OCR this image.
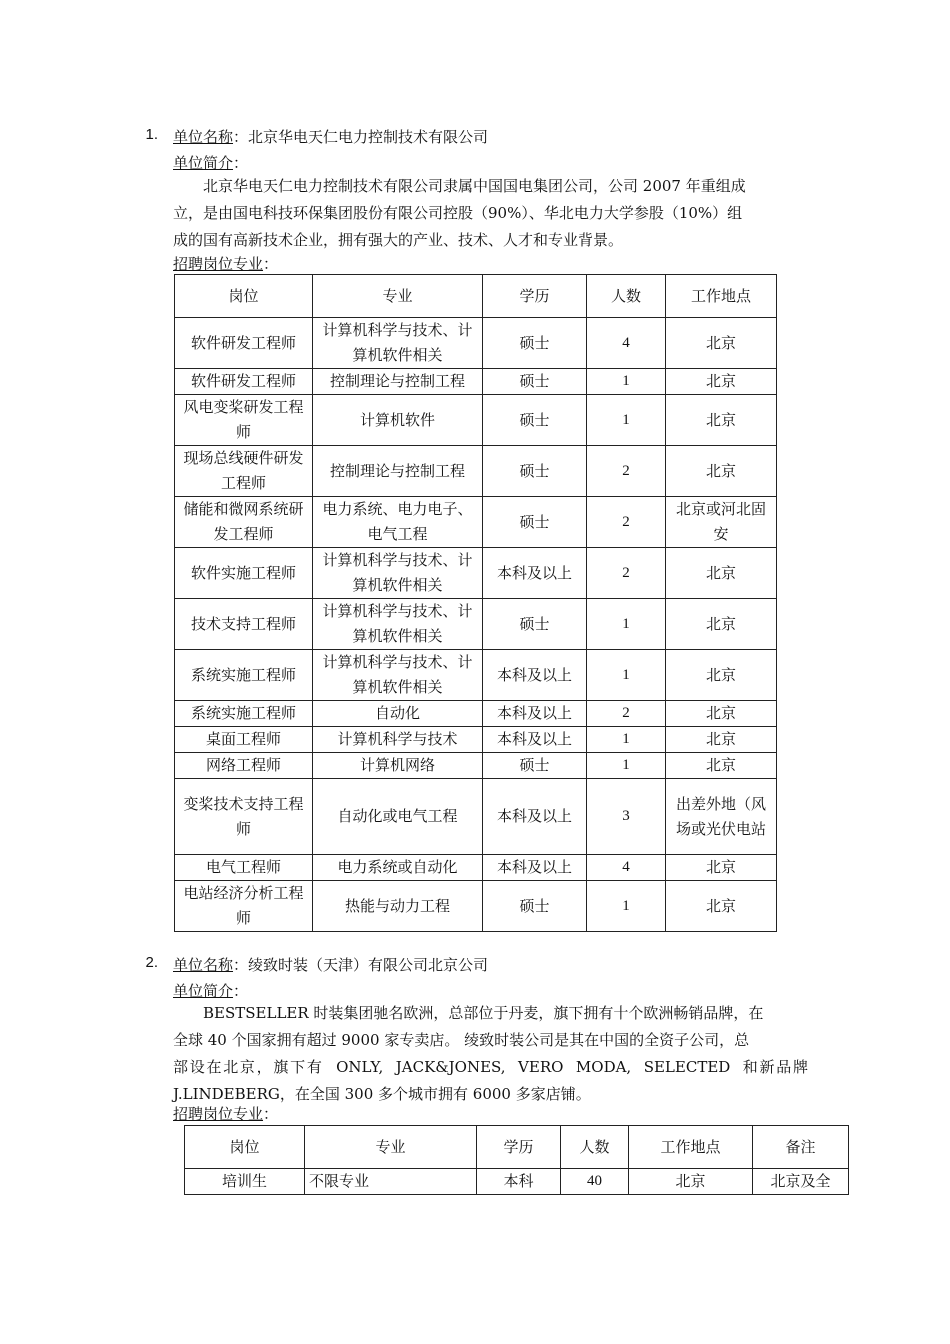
1. 单位名称：北京华电天仁电力控制技术有限公司
单位简介：
北京华电天仁电力控制技术有限公司隶属中国国电集团公司，公司 2007 年重组成
立，是由国电科技环保集团股份有限公司控股（90%）、华北电力大学参股（10%）组
成的国有高新技术企业，拥有强大的产业、技术、人才和专业背景。
招聘岗位专业：
岗位	专业	学历	人数	工作地点
软件研发工程师	计算机科学与技术、计算机软件相关	硕士	4	北京
软件研发工程师	控制理论与控制工程	硕士	1	北京
风电变桨研发工程师	计算机软件	硕士	1	北京
现场总线硬件研发工程师	控制理论与控制工程	硕士	2	北京
储能和微网系统研发工程师	电力系统、电力电子、电气工程	硕士	2	北京或河北固安
软件实施工程师	计算机科学与技术、计算机软件相关	本科及以上	2	北京
技术支持工程师	计算机科学与技术、计算机软件相关	硕士	1	北京
系统实施工程师	计算机科学与技术、计算机软件相关	本科及以上	1	北京
系统实施工程师	自动化	本科及以上	2	北京
桌面工程师	计算机科学与技术	本科及以上	1	北京
网络工程师	计算机网络	硕士	1	北京
变桨技术支持工程师	自动化或电气工程	本科及以上	3	出差外地（风场或光伏电站
电气工程师	电力系统或自动化	本科及以上	4	北京
电站经济分析工程师	热能与动力工程	硕士	1	北京
2. 单位名称：绫致时装（天津）有限公司北京公司
单位简介：
BESTSELLER 时装集团驰名欧洲，总部位于丹麦，旗下拥有十个欧洲畅销品牌，在
全球 40 个国家拥有超过 9000 家专卖店。 绫致时装公司是其在中国的全资子公司，总
部设在北京，旗下有 ONLY, JACK&JONES, VERO MODA, SELECTED 和新品牌
J.LINDEBERG，在全国 300 多个城市拥有 6000 多家店铺。
招聘岗位专业：
岗位	专业	学历	人数	工作地点	备注
培训生	不限专业	本科	40	北京	北京及全
